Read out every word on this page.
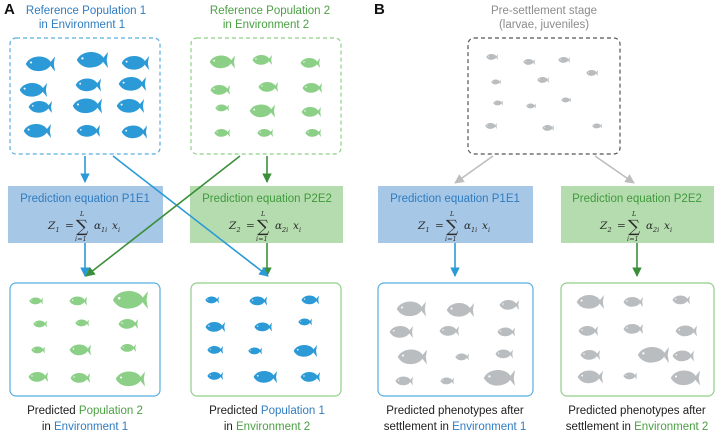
A	B
Reference Population 1
in Environment 1
Reference Population 2
in Environment 2
Prediction equation P1E1
Z 1 = ∑
L
i=1
α 1i x i
Prediction equation P2E2
Z 2 = ∑
L
i=1
α 2i x i
Predicted Population 2
in Environment 1
Predicted Population 1
in Environment 2
Pre-settlement stage
(larvae, juveniles)
Prediction equation P1E1
Z 1 = ∑
L
i=1
α 1i x i
Prediction equation P2E2
Z 2 = ∑
L
i=1
α 2i x i
Predicted phenotypes after
settlement in Environment 1
Predicted phenotypes after
settlement in Environment 2
